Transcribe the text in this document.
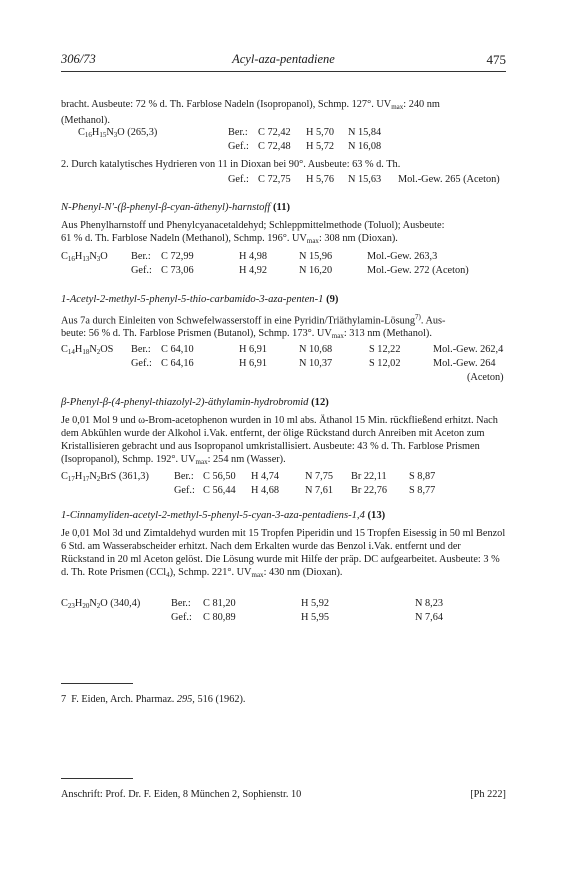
306/73	Acyl-aza-pentadiene	475

bracht. Ausbeute: 72 % d. Th. Farblose Nadeln (Isopropanol), Schmp. 127°. $UV_{max}$: 240 nm
(Methanol).

$C_{16}H_{15}N_3O$ (265,3)	Ber.: C 72,42 H 5,70 N 15,84
Gef.: C 72,48 H 5,72 N 16,08

2. Durch katalytisches Hydrieren von 11 in Dioxan bei 90°. Ausbeute: 63 % d. Th.

Gef.: C 72,75 H 5,76 N 15,63 Mol.-Gew. 265 (Aceton)
N-Phenyl-N'-(β-phenyl-β-cyan-äthenyl)-harnstoff (11)

Aus Phenylharnstoff und Phenylcyanacetaldehyd; Schleppmittelmethode (Toluol); Ausbeute:
61 % d. Th. Farblose Nadeln (Methanol), Schmp. 196°. $UV_{max}$: 308 nm (Dioxan).

$C_{16}H_{13}N_3O$ Ber.: C 72,99	H 4,98	N 15,96	Mol.-Gew. 263,3
Gef.: C 73,06	H 4,92	N 16,20	Mol.-Gew. 272 (Aceton)
1-Acetyl-2-methyl-5-phenyl-5-thio-carbamido-3-aza-penten-1 (9)

Aus 7a durch Einleiten von Schwefelwasserstoff in eine Pyridin/Triäthylamin-Lösung$^{7)}$. Aus-
beute: 56 % d. Th. Farblose Prismen (Butanol), Schmp. 173°. $UV_{max}$: 313 nm (Methanol).

$C_{14}H_{18}N_2OS$ Ber.: C 64,10	H 6,91	N 10,68	S 12,22	Mol.-Gew. 262,4
Gef.: C 64,16	H 6,91	N 10,37	S 12,02	Mol.-Gew. 264
(Aceton)
β-Phenyl-β-(4-phenyl-thiazolyl-2)-äthylamin-hydrobromid (12)

Je 0,01 Mol 9 und ω-Brom-acetophenon wurden in 10 ml abs. Äthanol 15 Min. rückfließend erhitzt. Nach dem Abkühlen wurde der Alkohol i.Vak. entfernt, der ölige Rückstand durch Anreiben mit Aceton zum Kristallisieren gebracht und aus Isopropanol umkristallisiert. Ausbeute: 43 % d. Th. Farblose Prismen (Isopropanol), Schmp. 192°. $UV_{max}$: 254 nm (Wasser).

$C_{17}H_{17}N_2BrS$ (361,3) Ber.: C 56,50 H 4,74	N 7,75 Br 22,11 S 8,87
Gef.: C 56,44 H 4,68	N 7,61 Br 22,76 S 8,77
1-Cinnamyliden-acetyl-2-methyl-5-phenyl-5-cyan-3-aza-pentadiens-1,4 (13)

Je 0,01 Mol 3d und Zimtaldehyd wurden mit 15 Tropfen Piperidin und 15 Tropfen Eisessig in 50 ml Benzol 6 Std. am Wasserabscheider erhitzt. Nach dem Erkalten wurde das Benzol i.Vak. entfernt und der Rückstand in 20 ml Aceton gelöst. Die Lösung wurde mit Hilfe der präp. DC aufgearbeitet. Ausbeute: 3 % d. Th. Rote Prismen (CCl$_4$), Schmp. 221°. $UV_{max}$: 430 nm (Dioxan).

$C_{23}H_{20}N_2O$ (340,4)	Ber.: C 81,20	H 5,92	N 8,23
Gef.: C 80,89	H 5,95	N 7,64
7  F. Eiden, Arch. Pharmaz. 295, 516 (1962).
Anschrift: Prof. Dr. F. Eiden, 8 München 2, Sophienstr. 10	[Ph 222]
